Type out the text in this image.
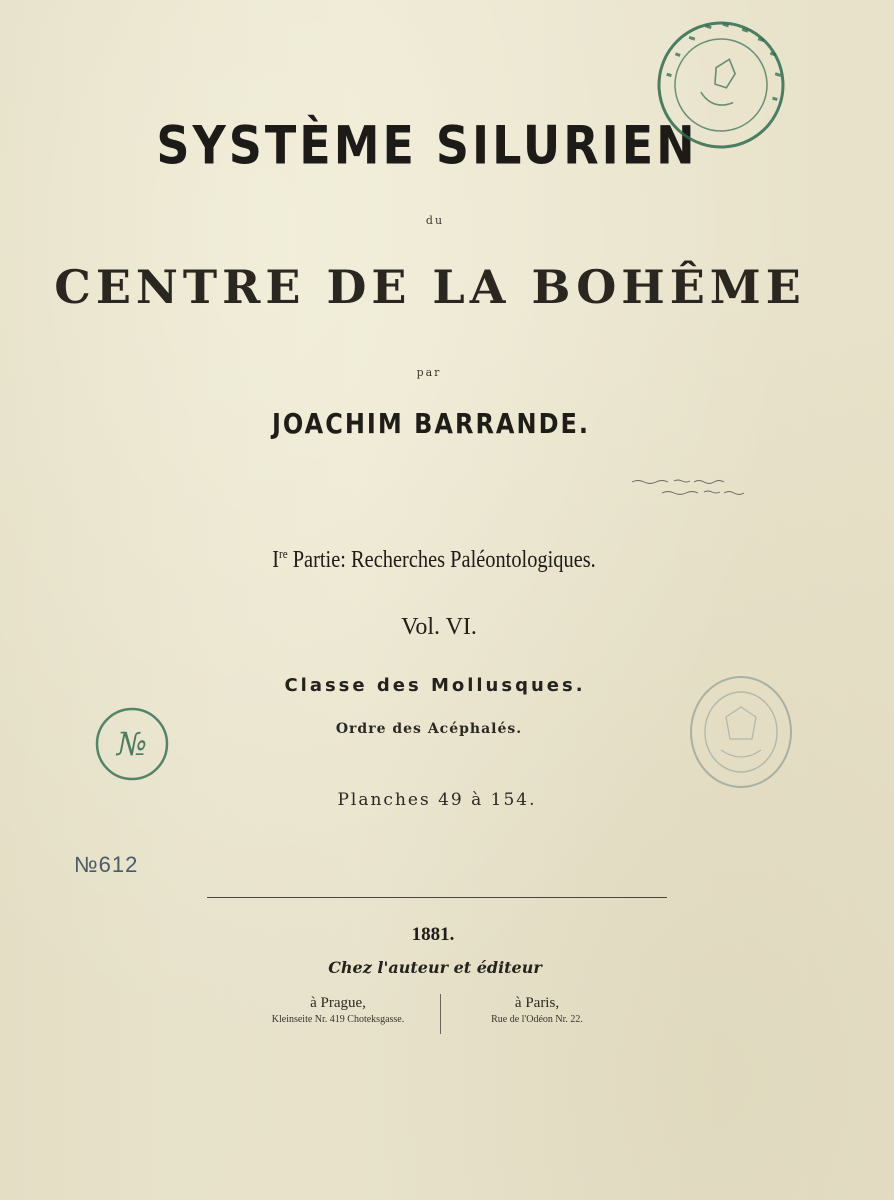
SYSTÈME SILURIEN
du
CENTRE DE LA BOHÊME
par
JOACHIM BARRANDE.
Ire Partie: Recherches Paléontologiques.
Vol. VI.
Classe des Mollusques.
Ordre des Acéphalés.
Planches 49 à 154.
1881.
Chez l'auteur et éditeur
à Prague,
Kleinseite Nr. 419 Choteksgasse.
à Paris,
Rue de l'Odéon Nr. 22.
№
№612
